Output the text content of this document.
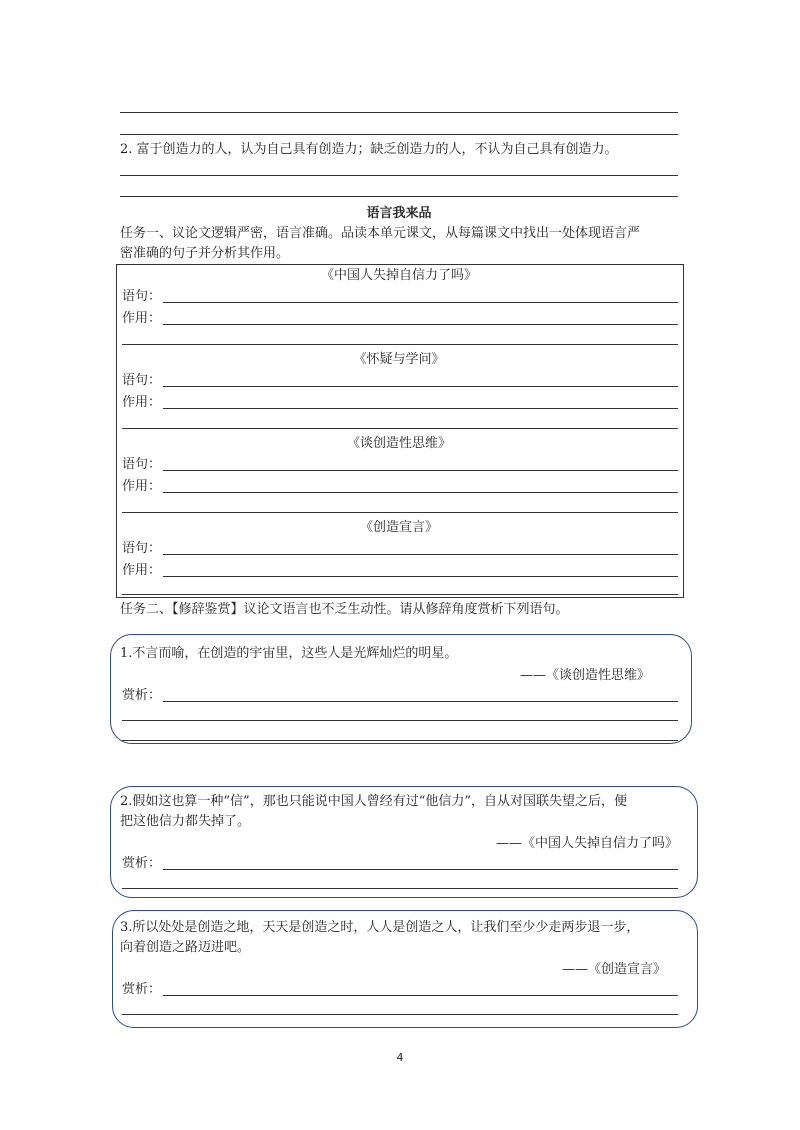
2. 富于创造力的人，认为自己具有创造力；缺乏创造力的人，不认为自己具有创造力。
语言我来品
任务一、议论文逻辑严密，语言准确。品读本单元课文，从每篇课文中找出一处体现语言严
密准确的句子并分析其作用。
《中国人失掉自信力了吗》
语句：
作用：
《怀疑与学问》
语句：
作用：
《谈创造性思维》
语句：
作用：
《创造宣言》
语句：
作用：
任务二、【修辞鉴赏】议论文语言也不乏生动性。请从修辞角度赏析下列语句。
1.不言而喻，在创造的宇宙里，这些人是光辉灿烂的明星。
——《谈创造性思维》
赏析：
2.假如这也算一种“信”，那也只能说中国人曾经有过“他信力”，自从对国联失望之后，便
把这他信力都失掉了。
——《中国人失掉自信力了吗》
赏析：
3.所以处处是创造之地，天天是创造之时，人人是创造之人，让我们至少少走两步退一步，
向着创造之路迈进吧。
——《创造宣言》
赏析：
4
